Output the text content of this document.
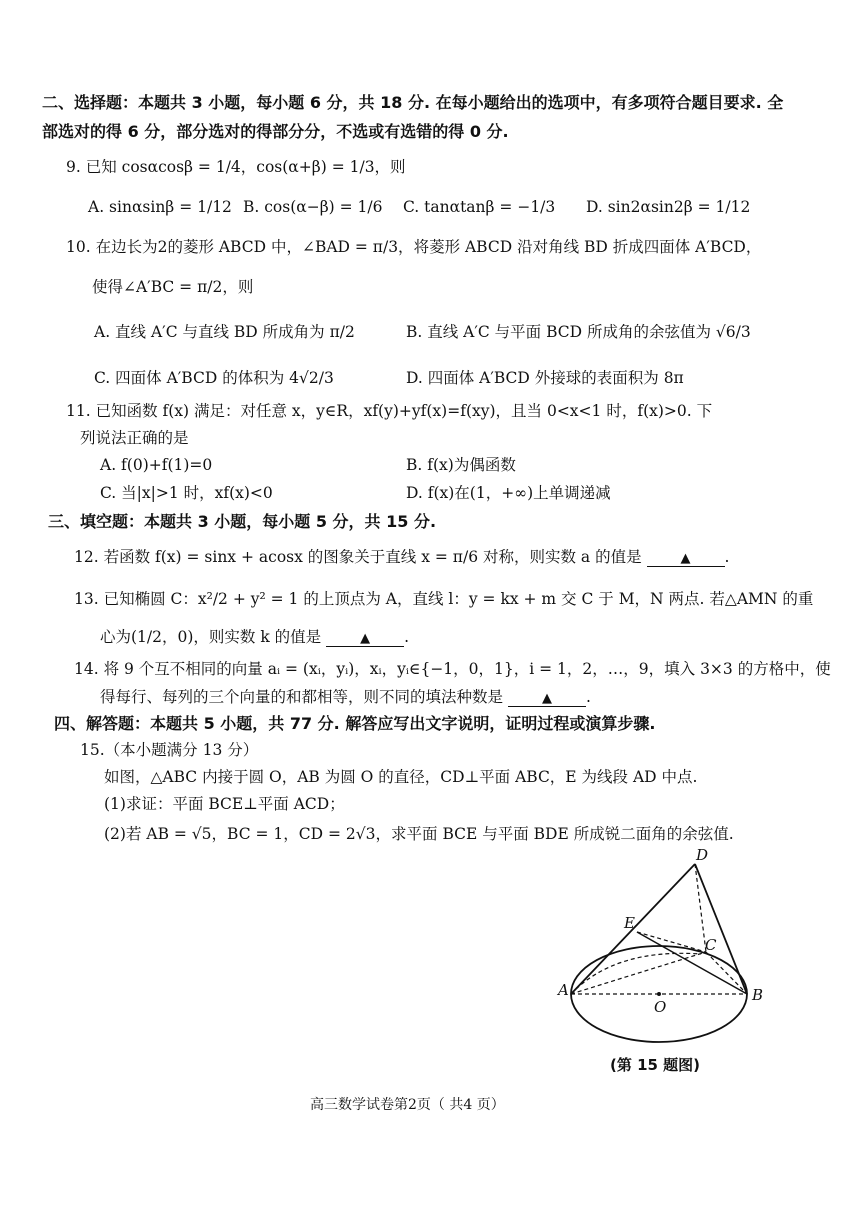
二、选择题：本题共 3 小题，每小题 6 分，共 18 分. 在每小题给出的选项中，有多项符合题目要求. 全
部选对的得 6 分，部分选对的得部分分，不选或有选错的得 0 分.
9. 已知 cosαcosβ = 1/4，cos(α+β) = 1/3，则
A. sinαsinβ = 1/12 B. cos(α−β) = 1/6 C. tanαtanβ = −1/3 D. sin2αsin2β = 1/12
10. 在边长为2的菱形 ABCD 中，∠BAD = π/3，将菱形 ABCD 沿对角线 BD 折成四面体 A′BCD，
使得∠A′BC = π/2，则
A. 直线 A′C 与直线 BD 所成角为 π/2	B. 直线 A′C 与平面 BCD 所成角的余弦值为 √6/3
C. 四面体 A′BCD 的体积为 4√2/3	D. 四面体 A′BCD 外接球的表面积为 8π
11. 已知函数 f(x) 满足：对任意 x，y∈R，xf(y)+yf(x)=f(xy)，且当 0<x<1 时，f(x)>0. 下
列说法正确的是
A. f(0)+f(1)=0	B. f(x)为偶函数
C. 当|x|>1 时，xf(x)<0	D. f(x)在(1，+∞)上单调递减
三、填空题：本题共 3 小题，每小题 5 分，共 15 分.
12. 若函数 f(x) = sinx + acosx 的图象关于直线 x = π/6 对称，则实数 a 的值是	▲ .
13. 已知椭圆 C：x²/2 + y² = 1 的上顶点为 A，直线 l：y = kx + m 交 C 于 M，N 两点. 若△AMN 的重
心为(1/2，0)，则实数 k 的值是	▲ .
14. 将 9 个互不相同的向量 aᵢ = (xᵢ，yᵢ)，xᵢ，yᵢ∈{−1，0，1}，i = 1，2，…，9，填入 3×3 的方格中，使
得每行、每列的三个向量的和都相等，则不同的填法种数是	▲ .
四、解答题：本题共 5 小题，共 77 分. 解答应写出文字说明，证明过程或演算步骤.
15.（本小题满分 13 分）
如图，△ABC 内接于圆 O，AB 为圆 O 的直径，CD⊥平面 ABC，E 为线段 AD 中点.
(1)求证：平面 BCE⊥平面 ACD；
(2)若 AB = √5，BC = 1，CD = 2√3，求平面 BCE 与平面 BDE 所成锐二面角的余弦值.
D
E
C
A	B
O
(第 15 题图)
高三数学试卷第2页（ 共4 页）
